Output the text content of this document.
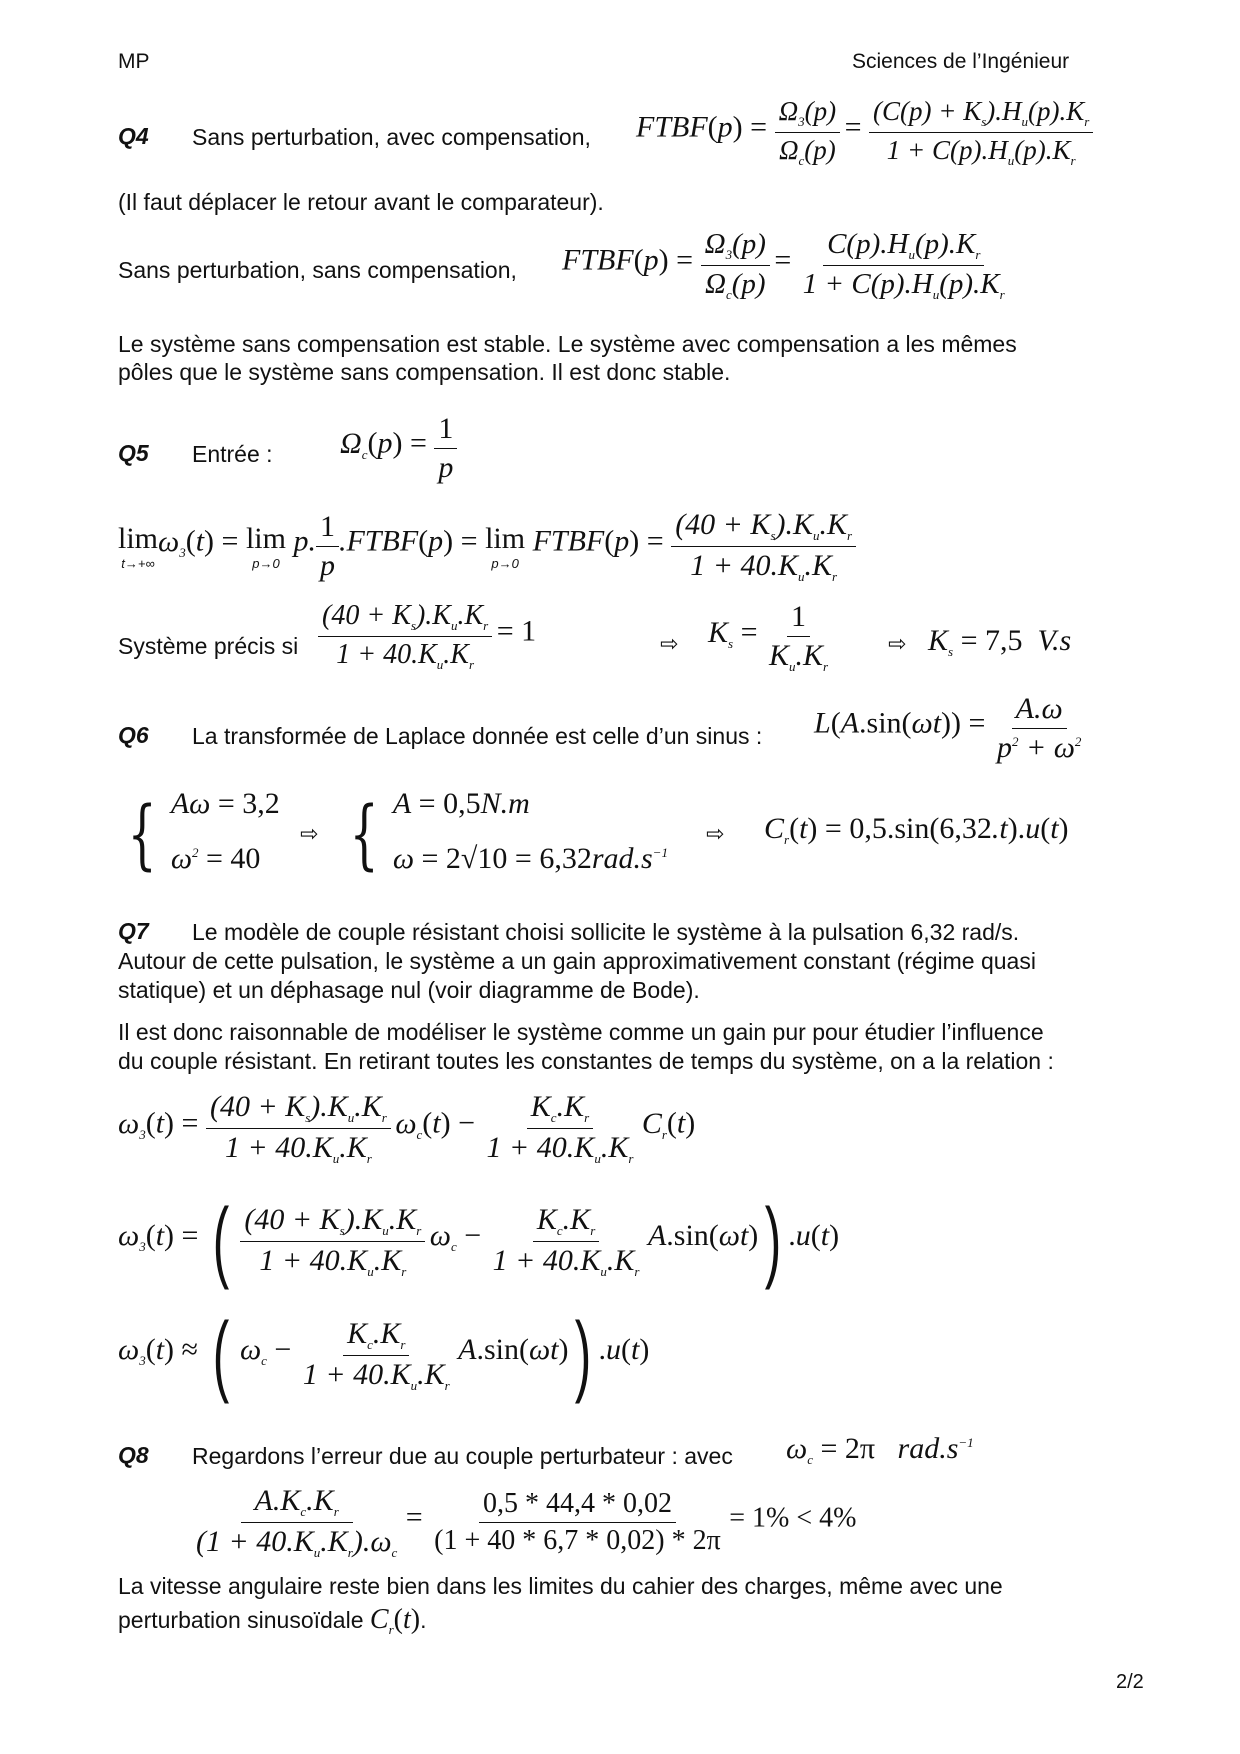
MP	Sciences de l’Ingénieur
Q4 Sans perturbation, avec compensation, FTBF(p) = $\frac{\Omega_3(p)}{\Omega_c(p)} = \frac{(C(p) + K_s).H_u(p).K_r}{1 + C(p).H_u(p).K_r}$
(Il faut déplacer le retour avant le comparateur).
Sans perturbation, sans compensation, FTBF(p) = $\frac{\Omega_3(p)}{\Omega_c(p)} = \frac{C(p).H_u(p).K_r}{1 + C(p).H_u(p).K_r}$
Le système sans compensation est stable. Le système avec compensation a les mêmes
pôles que le système sans compensation. Il est donc stable.
Q5 Entrée : $\Omega_c(p) = \frac{1}{p}$
lim
t→+∞
$\omega_3(t) = \lim$
p→0
p. $\frac{1}{p}$ .FTBF(p) = lim
p→0
FTBF(p) = $\frac{(40 + K_s).K_u.K_r}{1 + 40.K_u.K_r}$
Système précis si $\frac{(40 + K_s).K_u.K_r}{1 + 40.K_u.K_r} = 1$	⇨ $K_s = \frac{1}{K_u.K_r}$	⇨ $K_s = 7,5$ V.s
Q6 La transformée de Laplace donnée est celle d’un sinus : $L(A.\sin(\omega t)) = \frac{A.\omega}{p^2 + \omega^2}$
{ Aω = 3,2
$\omega^2 = 40$
⇨ { A = 0,5N.m
$\omega = 2√10 = 6,32rad.s^{-1}$
⇨ $C_r(t) = 0,5.\sin(6,32.t).u(t)$
Q7 Le modèle de couple résistant choisi sollicite le système à la pulsation 6,32 rad/s.
Autour de cette pulsation, le système a un gain approximativement constant (régime quasi
statique) et un déphasage nul (voir diagramme de Bode).
Il est donc raisonnable de modéliser le système comme un gain pur pour étudier l’influence
du couple résistant. En retirant toutes les constantes de temps du système, on a la relation :
$\omega_3(t) = \frac{(40 + K_s).K_u.K_r}{1 + 40.K_u.K_r} \omega_c(t) - \frac{K_c.K_r}{1 + 40.K_u.K_r} C_r(t)$
$\omega_3(t)$ = ( $\frac{(40 + K_s).K_u.K_r}{1 + 40.K_u.K_r} \omega_c - \frac{K_c.K_r}{1 + 40.K_u.K_r} A.\sin(\omega t)$) .u(t)
$\omega_3(t)$ ≈ ( $\omega_c - \frac{K_c.K_r}{1 + 40.K_u.K_r} A.\sin(\omega t)$) .u(t)
Q8 Regardons l’erreur due au couple perturbateur : avec $\omega_c = 2\pi$   $rad.s^{-1}$
$\frac{A.K_c.K_r}{(1 + 40.K_u.K_r).\omega_c} = \frac{0,5 * 44,4 * 0,02}{(1 + 40 * 6,7 * 0,02) * 2\pi} = 1\% < 4\%$
La vitesse angulaire reste bien dans les limites du cahier des charges, même avec une
perturbation sinusoïdale $C_r(t)$.
2/2
